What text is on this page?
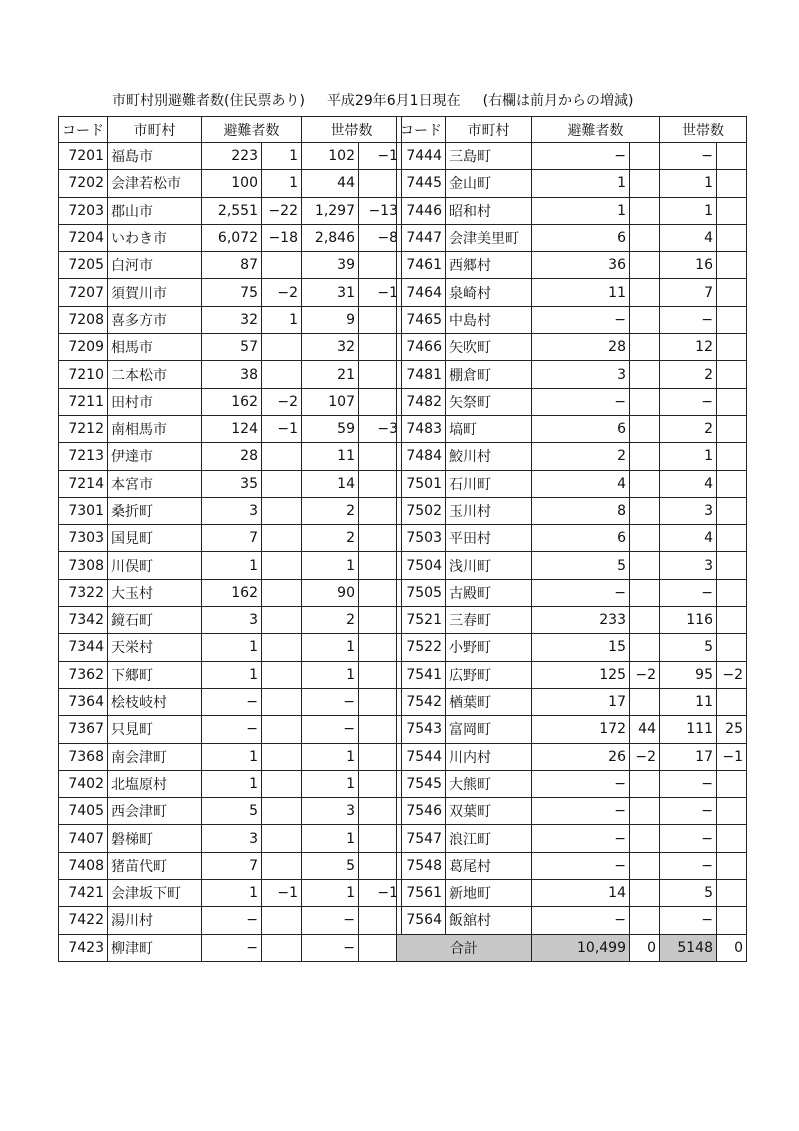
市町村別避難者数(住民票あり) 平成29年6月1日現在 (右欄は前月からの増減)
コード	市町村	避難者数		世帯数	
7201	福島市	223	1	102	−1
7202	会津若松市	100	1	44	
7203	郡山市	2,551	−22	1,297	−13
7204	いわき市	6,072	−18	2,846	−8
7205	白河市	87		39	
7207	須賀川市	75	−2	31	−1
7208	喜多方市	32	1	9	
7209	相馬市	57		32	
7210	二本松市	38		21	
7211	田村市	162	−2	107	
7212	南相馬市	124	−1	59	−3
7213	伊達市	28		11	
7214	本宮市	35		14	
7301	桑折町	3		2	
7303	国見町	7		2	
7308	川俣町	1		1	
7322	大玉村	162		90	
7342	鏡石町	3		2	
7344	天栄村	1		1	
7362	下郷町	1		1	
7364	桧枝岐村	−		−	
7367	只見町	−		−	
7368	南会津町	1		1	
7402	北塩原村	1		1	
7405	西会津町	5		3	
7407	磐梯町	3		1	
7408	猪苗代町	7		5	
7421	会津坂下町	1	−1	1	−1
7422	湯川村	−		−	
7423	柳津町	−		−	
コード	市町村	避難者数		世帯数	
7444	三島町	−		−	
7445	金山町	1		1	
7446	昭和村	1		1	
7447	会津美里町	6		4	
7461	西郷村	36		16	
7464	泉崎村	11		7	
7465	中島村	−		−	
7466	矢吹町	28		12	
7481	棚倉町	3		2	
7482	矢祭町	−		−	
7483	塙町	6		2	
7484	鮫川村	2		1	
7501	石川町	4		4	
7502	玉川村	8		3	
7503	平田村	6		4	
7504	浅川町	5		3	
7505	古殿町	−		−	
7521	三春町	233		116	
7522	小野町	15		5	
7541	広野町	125	−2	95	−2
7542	楢葉町	17		11	
7543	富岡町	172	44	111	25
7544	川内村	26	−2	17	−1
7545	大熊町	−		−	
7546	双葉町	−		−	
7547	浪江町	−		−	
7548	葛尾村	−		−	
7561	新地町	14		5	
7564	飯舘村	−		−	
合計		10,499	0	5148	0
